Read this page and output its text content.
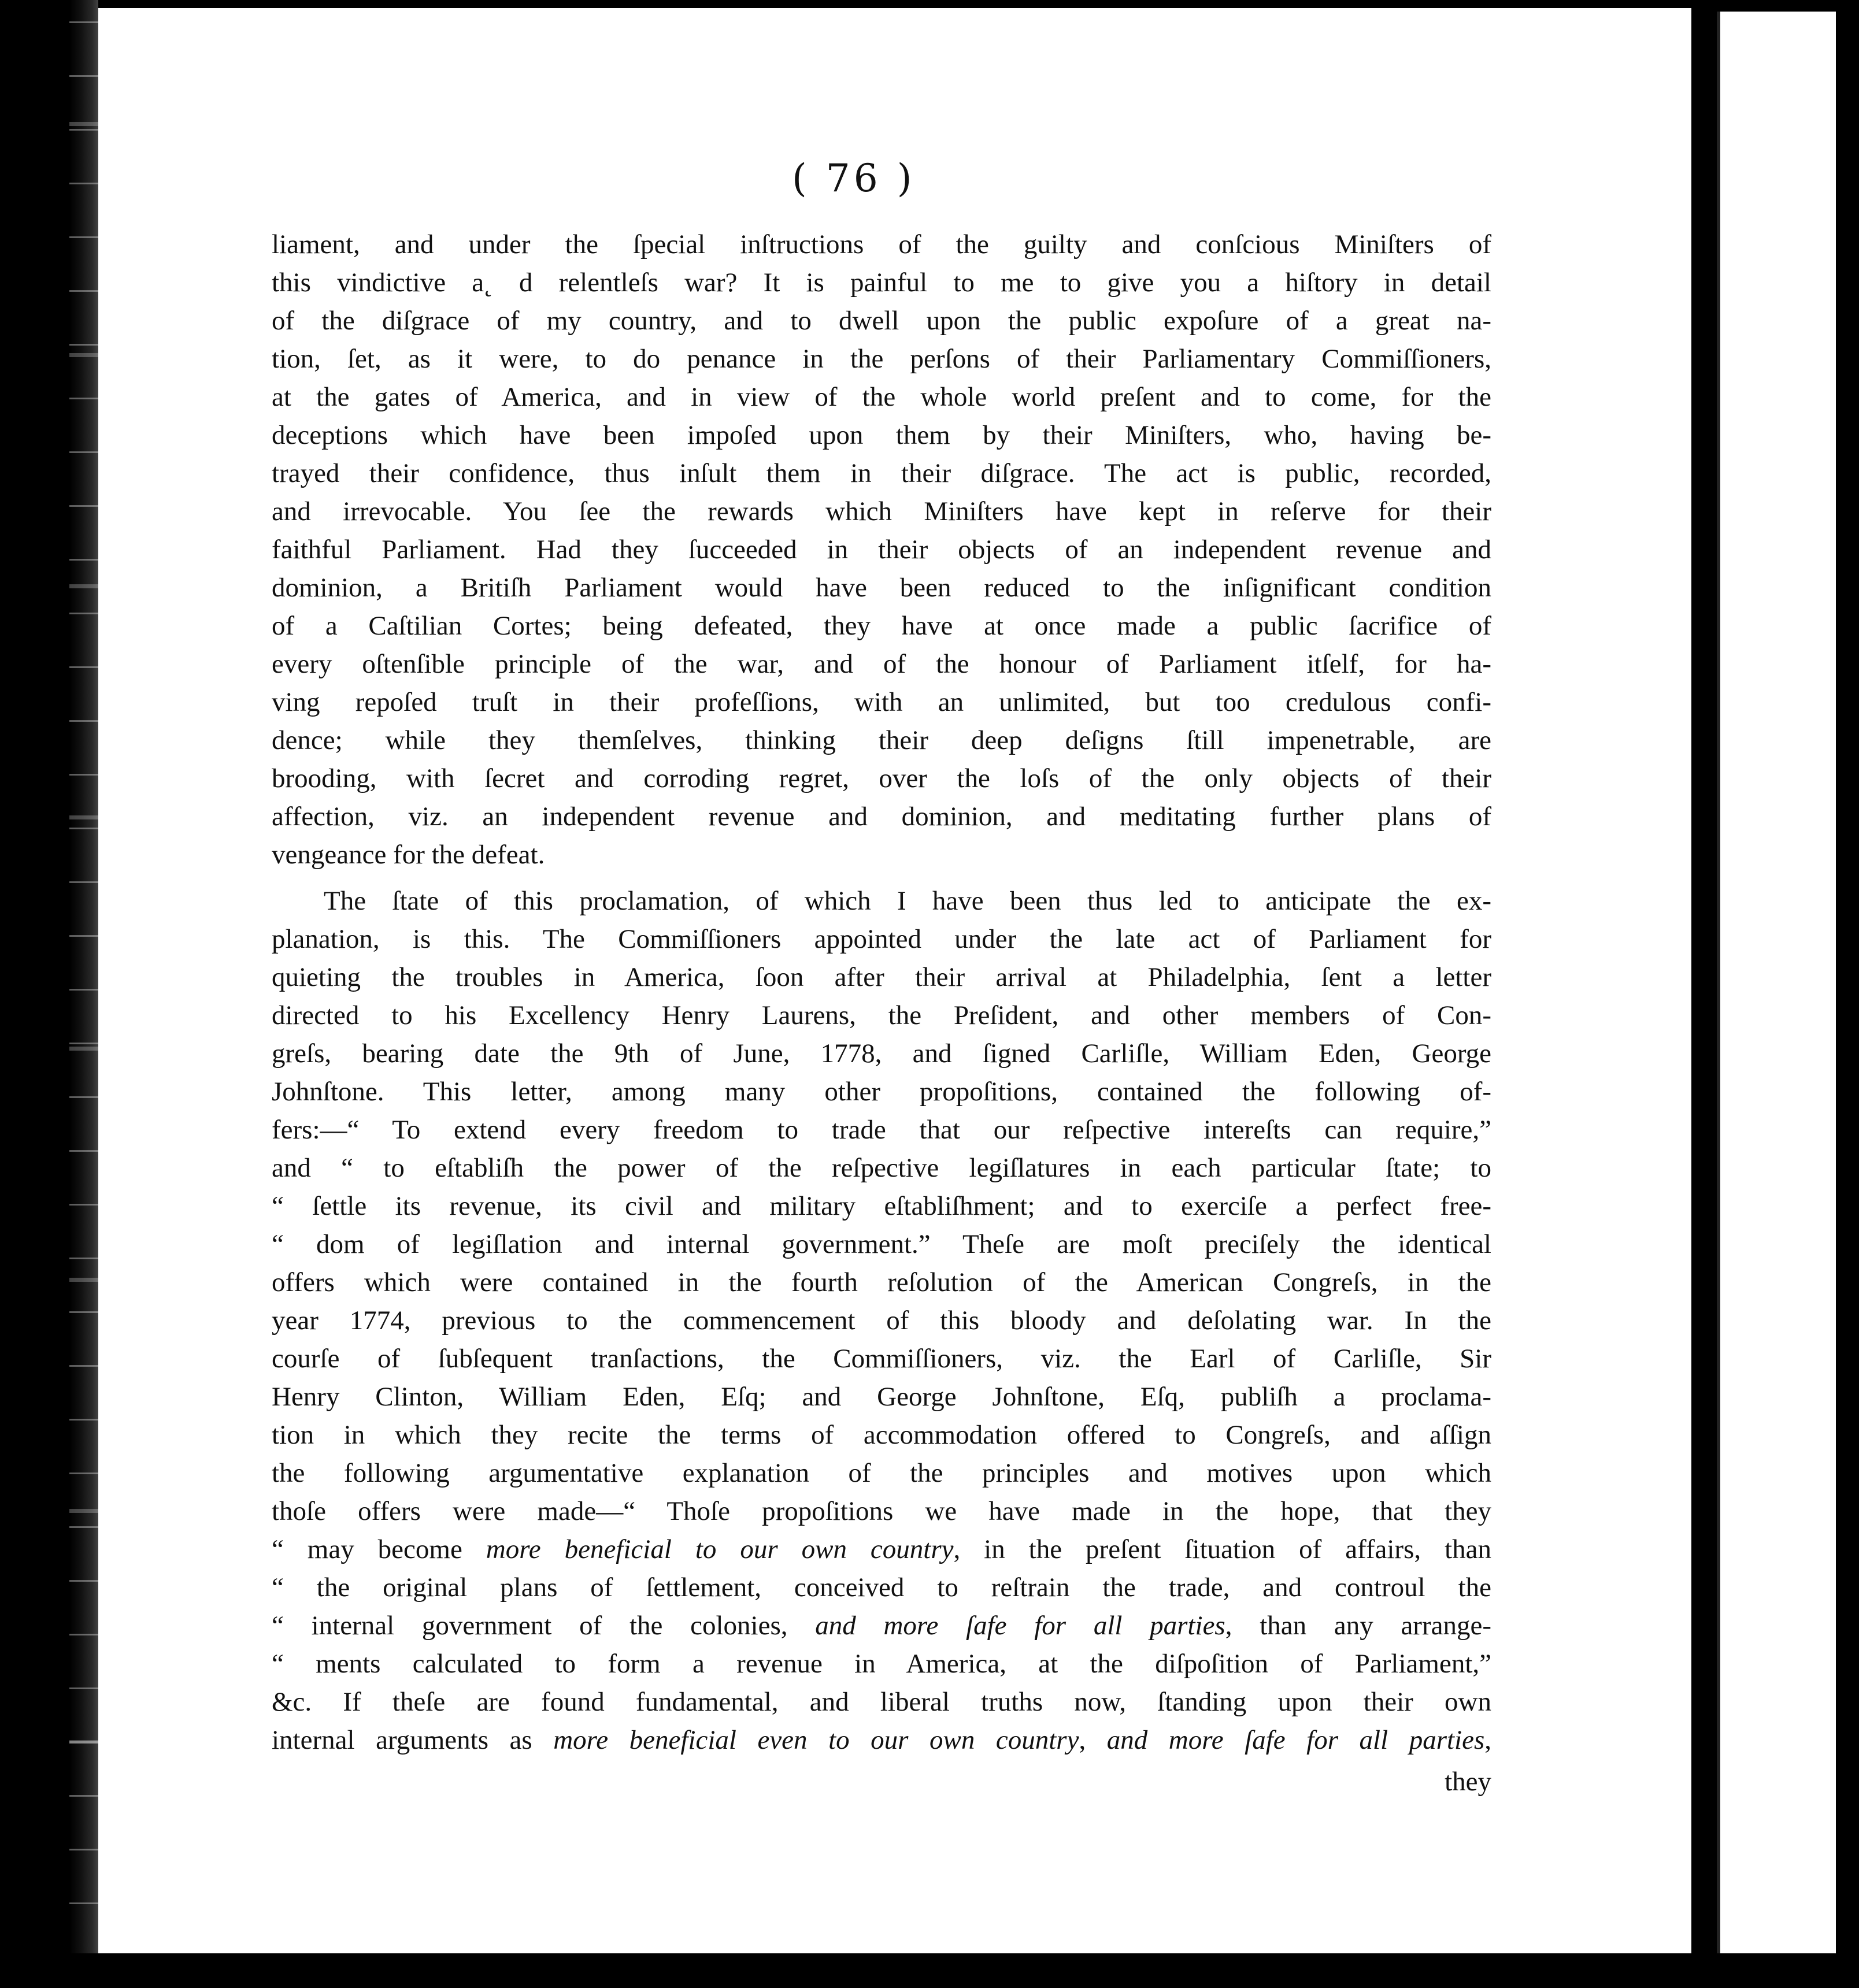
( 76 )
liament, and under the ſpecial inſtructions of the guilty and conſcious Miniſters of
this vindictive a˛ d relentleſs war? It is painful to me to give you a hiſtory in detail
of the diſgrace of my country, and to dwell upon the public expoſure of a great na-
tion, ſet, as it were, to do penance in the perſons of their Parliamentary Commiſſioners,
at the gates of America, and in view of the whole world preſent and to come, for the
deceptions which have been impoſed upon them by their Miniſters, who, having be-
trayed their confidence, thus inſult them in their diſgrace. The act is public, recorded,
and irrevocable. You ſee the rewards which Miniſters have kept in reſerve for their
faithful Parliament. Had they ſucceeded in their objects of an independent revenue and
dominion, a Britiſh Parliament would have been reduced to the inſignificant condition
of a Caſtilian Cortes; being defeated, they have at once made a public ſacrifice of
every oſtenſible principle of the war, and of the honour of Parliament itſelf, for ha-
ving repoſed truſt in their profeſſions, with an unlimited, but too credulous confi-
dence; while they themſelves, thinking their deep deſigns ſtill impenetrable, are
brooding, with ſecret and corroding regret, over the loſs of the only objects of their
affection, viz. an independent revenue and dominion, and meditating further plans of
vengeance for the defeat.
The ſtate of this proclamation, of which I have been thus led to anticipate the ex-
planation, is this. The Commiſſioners appointed under the late act of Parliament for
quieting the troubles in America, ſoon after their arrival at Philadelphia, ſent a letter
directed to his Excellency Henry Laurens, the Preſident, and other members of Con-
greſs, bearing date the 9th of June, 1778, and ſigned Carliſle, William Eden, George
Johnſtone. This letter, among many other propoſitions, contained the following of-
fers:—“ To extend every freedom to trade that our reſpective intereſts can require,”
and “ to eſtabliſh the power of the reſpective legiſlatures in each particular ſtate; to
“ ſettle its revenue, its civil and military eſtabliſhment; and to exerciſe a perfect free-
“ dom of legiſlation and internal government.” Theſe are moſt preciſely the identical
offers which were contained in the fourth reſolution of the American Congreſs, in the
year 1774, previous to the commencement of this bloody and deſolating war. In the
courſe of ſubſequent tranſactions, the Commiſſioners, viz. the Earl of Carliſle, Sir
Henry Clinton, William Eden, Eſq; and George Johnſtone, Eſq, publiſh a proclama-
tion in which they recite the terms of accommodation offered to Congreſs, and aſſign
the following argumentative explanation of the principles and motives upon which
thoſe offers were made—“ Thoſe propoſitions we have made in the hope, that they
“ may become more beneficial to our own country, in the preſent ſituation of affairs, than
“ the original plans of ſettlement, conceived to reſtrain the trade, and controul the
“ internal government of the colonies, and more ſafe for all parties, than any arrange-
“ ments calculated to form a revenue in America, at the diſpoſition of Parliament,”
&c. If theſe are found fundamental, and liberal truths now, ſtanding upon their own
internal arguments as more beneficial even to our own country, and more ſafe for all parties,
they
